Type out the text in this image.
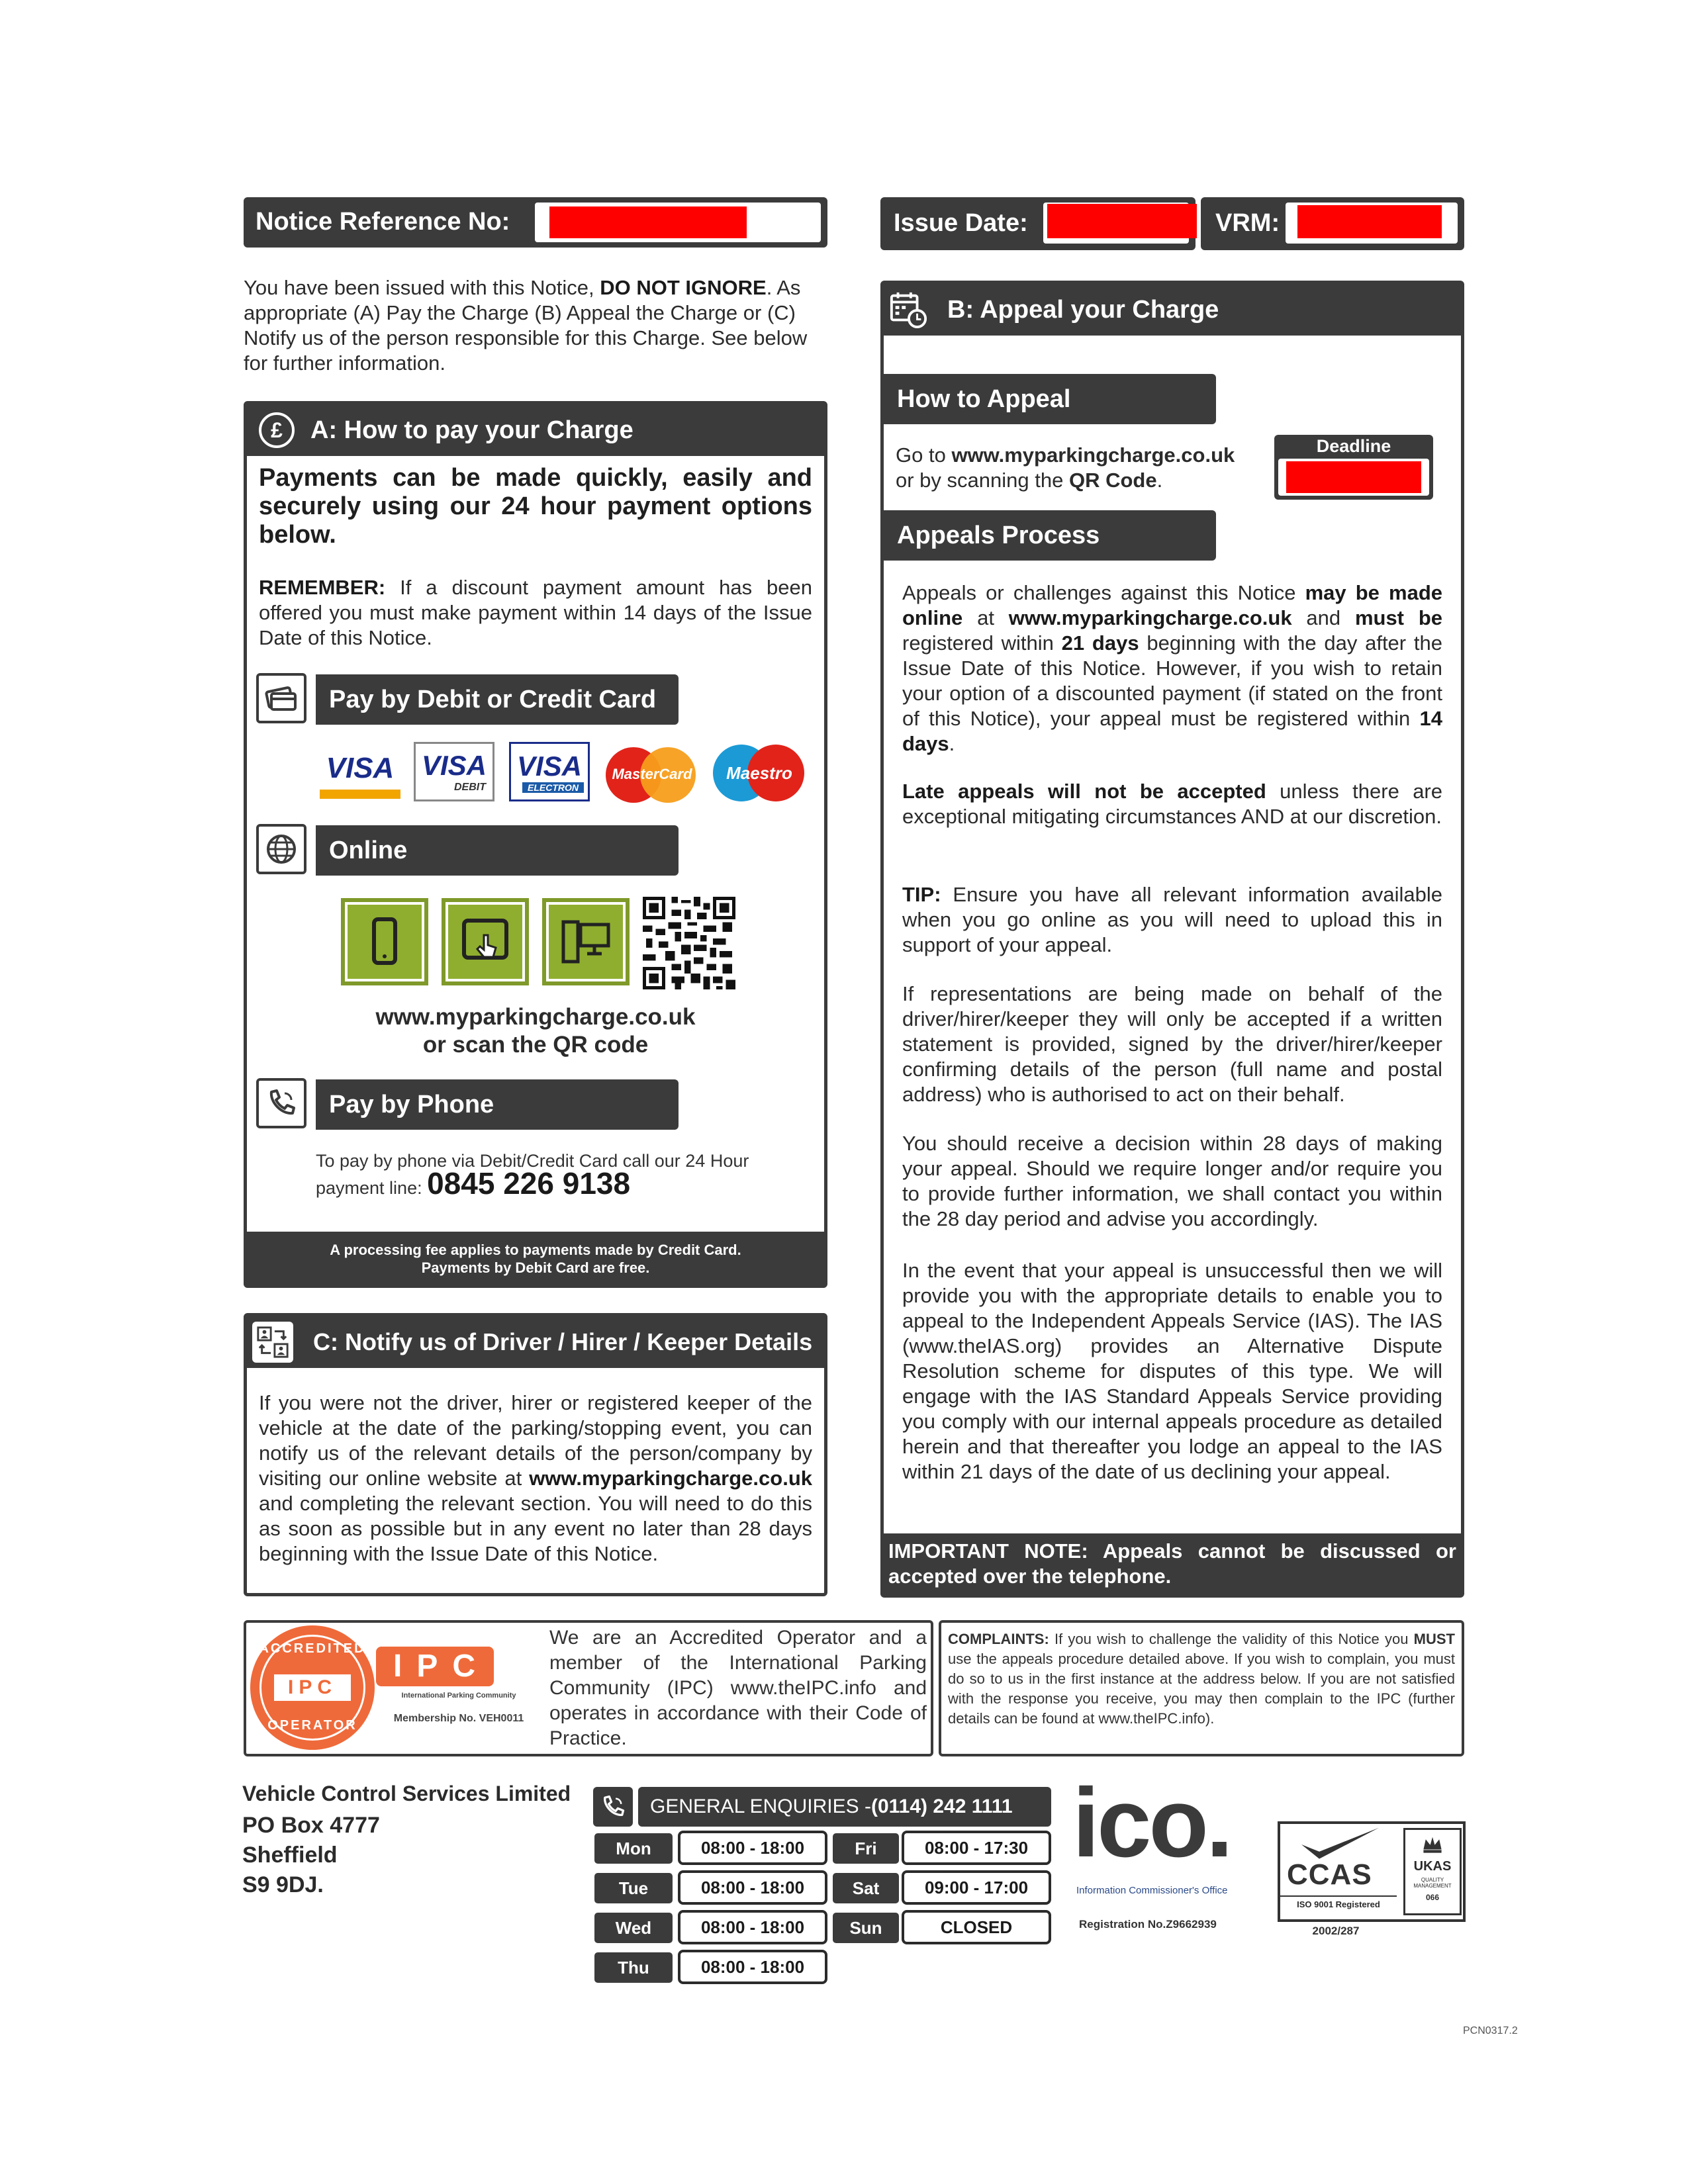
Notice Reference No:	Issue Date:	VRM:
You have been issued with this Notice, DO NOT IGNORE. As appropriate (A) Pay the Charge (B) Appeal the Charge or (C) Notify us of the person responsible for this Charge. See below for further information.
£	A: How to pay your Charge
Payments can be made quickly, easily and securely using our 24 hour payment options below.
REMEMBER: If a discount payment amount has been offered you must make payment within 14 days of the Issue Date of this Notice.
Pay by Debit or Credit Card
VISA VISA
DEBIT
VISA
ELECTRON
MasterCard	Maestro
Online
www.myparkingcharge.co.uk
or scan the QR code
Pay by Phone
To pay by phone via Debit/Credit Card call our 24 Hour payment line: 0845 226 9138
A processing fee applies to payments made by Credit Card.
Payments by Debit Card are free.
C: Notify us of Driver / Hirer / Keeper Details
If you were not the driver, hirer or registered keeper of the vehicle at the date of the parking/stopping event, you can notify us of the relevant details of the person/company by visiting our online website at www.myparkingcharge.co.uk and completing the relevant section. You will need to do this as soon as possible but in any event no later than 28 days beginning with the Issue Date of this Notice.
B: Appeal your Charge
How to Appeal
Go to www.myparkingcharge.co.uk
or by scanning the QR Code.
Deadline
Appeals Process
Appeals or challenges against this Notice may be made online at www.myparkingcharge.co.uk and must be registered within 21 days beginning with the day after the Issue Date of this Notice. However, if you wish to retain your option of a discounted payment (if stated on the front of this Notice), your appeal must be registered within 14 days.
Late appeals will not be accepted unless there are exceptional mitigating circumstances AND at our discretion.
TIP: Ensure you have all relevant information available when you go online as you will need to upload this in support of your appeal.
If representations are being made on behalf of the driver/hirer/keeper they will only be accepted if a written statement is provided, signed by the driver/hirer/keeper confirming details of the person (full name and postal address) who is authorised to act on their behalf.
You should receive a decision within 28 days of making your appeal. Should we require longer and/or require you to provide further information, we shall contact you within the 28 day period and advise you accordingly.
In the event that your appeal is unsuccessful then we will provide you with the appropriate details to enable you to appeal to the Independent Appeals Service (IAS). The IAS (www.theIAS.org) provides an Alternative Dispute Resolution scheme for disputes of this type. We will engage with the IAS Standard Appeals Service providing you comply with our internal appeals procedure as detailed herein and that thereafter you lodge an appeal to the IAS within 21 days of the date of us declining your appeal.
IMPORTANT NOTE: Appeals cannot be discussed or accepted over the telephone.
ACCREDITED
IPC
OPERATOR
IPC
International Parking Community
Membership No. VEH0011
We are an Accredited Operator and a member of the International Parking Community (IPC) www.theIPC.info and operates in accordance with their Code of Practice.
COMPLAINTS: If you wish to challenge the validity of this Notice you MUST use the appeals procedure detailed above. If you wish to complain, you must do so to us in the first instance at the address below. If you are not satisfied with the response you receive, you may then complain to the IPC (further details can be found at www.theIPC.info).
Vehicle Control Services Limited
PO Box 4777
Sheffield
S9 9DJ.
GENERAL ENQUIRIES - (0114) 242 1111
Mon	08:00 - 18:00
Tue	08:00 - 18:00
Wed	08:00 - 18:00
Thu	08:00 - 18:00
Fri	08:00 - 17:30
Sat	09:00 - 17:00
Sun	CLOSED
ico.
Information Commissioner's Office
Registration No.Z9662939
CCAS
ISO 9001 Registered
UKAS
QUALITY MANAGEMENT
066
2002/287
PCN0317.2
